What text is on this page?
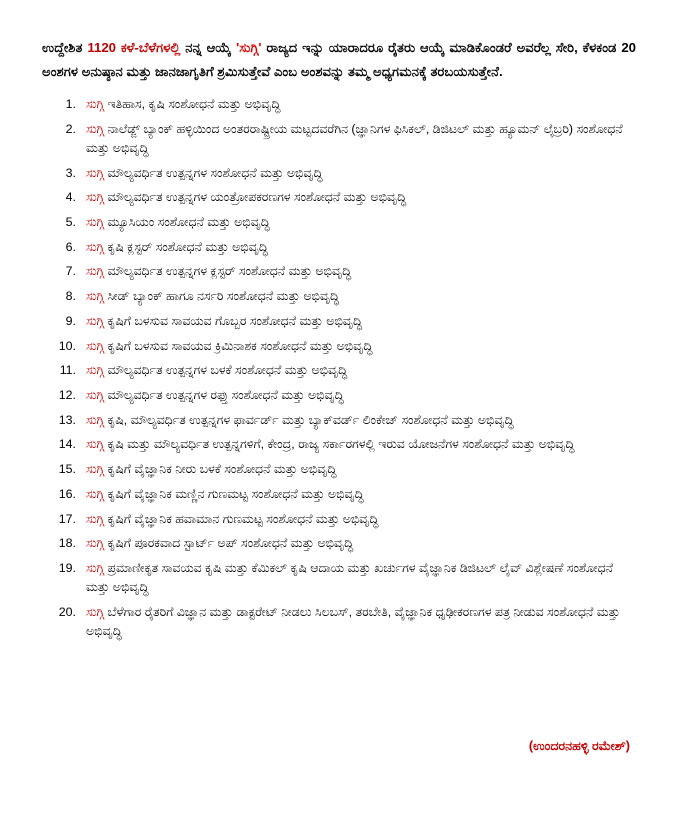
ಉದ್ದೇಶಿತ 1120 ಕಳೆ-ಬೆಳೆಗಳಲ್ಲಿ ನನ್ನ ಆಯ್ಕೆ 'ಸುಗ್ಗಿ' ರಾಜ್ಯದ ಇನ್ನು ಯಾರಾದರೂ ರೈತರು ಆಯ್ಕೆ ಮಾಡಿಕೊಂಡರೆ ಅವರೆಲ್ಲ ಸೇರಿ, ಕೆಳಕಂಡ 20 ಅಂಶಗಳ ಅನುಷ್ಠಾನ ಮತ್ತು ಜಾನಜಾಗೃತಿಗೆ ಶ್ರಮಿಸುತ್ತೇವೆ ಎಂಬ ಅಂಶವನ್ನು ತಮ್ಮ ಅಧ್ಯಗಮನಕ್ಕೆ ತರಬಯಸುತ್ತೇನೆ.

1. ಸುಗ್ಗಿ ಇತಿಹಾಸ, ಕೃಷಿ ಸಂಶೋಧನೆ ಮತ್ತು ಅಭಿವೃದ್ಧಿ
2. ಸುಗ್ಗಿ ನಾಲೆಡ್ಜ್ ಬ್ಯಾಂಕ್ ಹಳ್ಳಿಯಿಂದ ಅಂತರರಾಷ್ಟ್ರೀಯ ಮಟ್ಟದವರೆಗಿನ (ಜ್ಞಾನಿಗಳ ಫಿಸಿಕಲ್, ಡಿಜಿಟಲ್ ಮತ್ತು ಹ್ಯೂಮನ್ ಲೈಬ್ರರಿ) ಸಂಶೋಧನೆ ಮತ್ತು ಅಭಿವೃದ್ಧಿ
3. ಸುಗ್ಗಿ ಮೌಲ್ಯವರ್ಧಿತ ಉತ್ಪನ್ನಗಳ ಸಂಶೋಧನೆ ಮತ್ತು ಅಭಿವೃದ್ಧಿ
4. ಸುಗ್ಗಿ ಮೌಲ್ಯವರ್ಧಿತ ಉತ್ಪನ್ನಗಳ ಯಂತ್ರೋಪಕರಣಗಳ ಸಂಶೋಧನೆ ಮತ್ತು ಅಭಿವೃದ್ಧಿ
5. ಸುಗ್ಗಿ ಮ್ಯೂಸಿಯಂ ಸಂಶೋಧನೆ ಮತ್ತು ಅಭಿವೃದ್ಧಿ
6. ಸುಗ್ಗಿ ಕೃಷಿ ಕ್ಲಸ್ಟರ್ ಸಂಶೋಧನೆ ಮತ್ತು ಅಭಿವೃದ್ಧಿ
7. ಸುಗ್ಗಿ ಮೌಲ್ಯವರ್ಧಿತ ಉತ್ಪನ್ನಗಳ ಕ್ಲಸ್ಟರ್ ಸಂಶೋಧನೆ ಮತ್ತು ಅಭಿವೃದ್ಧಿ
8. ಸುಗ್ಗಿ ಸೀಡ್ ಬ್ಯಾಂಕ್ ಹಾಗೂ ನರ್ಸರಿ ಸಂಶೋಧನೆ ಮತ್ತು ಅಭಿವೃದ್ಧಿ
9. ಸುಗ್ಗಿ ಕೃಷಿಗೆ ಬಳಸುವ ಸಾವಯವ ಗೊಬ್ಬರ ಸಂಶೋಧನೆ ಮತ್ತು ಅಭಿವೃದ್ಧಿ
10. ಸುಗ್ಗಿ ಕೃಷಿಗೆ ಬಳಸುವ ಸಾವಯವ ಕ್ರಿಮಿನಾಶಕ ಸಂಶೋಧನೆ ಮತ್ತು ಅಭಿವೃದ್ಧಿ
11. ಸುಗ್ಗಿ ಮೌಲ್ಯವರ್ಧಿತ ಉತ್ಪನ್ನಗಳ ಬಳಕೆ ಸಂಶೋಧನೆ ಮತ್ತು ಅಭಿವೃದ್ಧಿ
12. ಸುಗ್ಗಿ ಮೌಲ್ಯವರ್ಧಿತ ಉತ್ಪನ್ನಗಳ ರಫ್ತು ಸಂಶೋಧನೆ ಮತ್ತು ಅಭಿವೃದ್ಧಿ
13. ಸುಗ್ಗಿ ಕೃಷಿ, ಮೌಲ್ಯವರ್ಧಿತ ಉತ್ಪನ್ನಗಳ ಫಾರ್ವರ್ಡ್ ಮತ್ತು ಬ್ಯಾಕ್‌ವರ್ಡ್ ಲಿಂಕೇಜ್ ಸಂಶೋಧನೆ ಮತ್ತು ಅಭಿವೃದ್ಧಿ
14. ಸುಗ್ಗಿ ಕೃಷಿ ಮತ್ತು ಮೌಲ್ಯವರ್ಧಿತ ಉತ್ಪನ್ನಗಳಿಗೆ, ಕೇಂದ್ರ, ರಾಜ್ಯ ಸರ್ಕಾರಗಳಲ್ಲಿ ಇರುವ ಯೋಜನೆಗಳ ಸಂಶೋಧನೆ ಮತ್ತು ಅಭಿವೃದ್ಧಿ
15. ಸುಗ್ಗಿ ಕೃಷಿಗೆ ವೈಜ್ಞಾನಿಕ ನೀರು ಬಳಕೆ ಸಂಶೋಧನೆ ಮತ್ತು ಅಭಿವೃದ್ಧಿ
16. ಸುಗ್ಗಿ ಕೃಷಿಗೆ ವೈಜ್ಞಾನಿಕ ಮಣ್ಣಿನ ಗುಣಮಟ್ಟ ಸಂಶೋಧನೆ ಮತ್ತು ಅಭಿವೃದ್ಧಿ
17. ಸುಗ್ಗಿ ಕೃಷಿಗೆ ವೈಜ್ಞಾನಿಕ ಹವಾಮಾನ ಗುಣಮಟ್ಟ ಸಂಶೋಧನೆ ಮತ್ತು ಅಭಿವೃದ್ಧಿ
18. ಸುಗ್ಗಿ ಕೃಷಿಗೆ ಪೂರಕವಾದ ಸ್ಟಾರ್ಟ್ ಅಪ್ ಸಂಶೋಧನೆ ಮತ್ತು ಅಭಿವೃದ್ಧಿ
19. ಸುಗ್ಗಿ ಪ್ರಮಾಣೀಕೃತ ಸಾವಯವ ಕೃಷಿ ಮತ್ತು ಕೆಮಿಕಲ್ ಕೃಷಿ ಆದಾಯ ಮತ್ತು ಖರ್ಚುಗಳ ವೈಜ್ಞಾನಿಕ ಡಿಜಿಟಲ್ ಲೈವ್ ವಿಶ್ಲೇಷಣೆ ಸಂಶೋಧನೆ ಮತ್ತು ಅಭಿವೃದ್ಧಿ
20. ಸುಗ್ಗಿ ಬೆಳೆಗಾರ ರೈತರಿಗೆ ವಿಜ್ಞಾನ ಮತ್ತು ಡಾಕ್ಟರೇಟ್ ನೀಡಲು ಸಿಲಬಸ್, ತರಬೇತಿ, ವೈಜ್ಞಾನಿಕ ಧೃಢೀಕರಣಗಳ ಪತ್ರ ನೀಡುವ ಸಂಶೋಧನೆ ಮತ್ತು ಅಭಿವೃದ್ಧಿ
(ಉಂದರನಹಳ್ಳಿ ರಮೇಶ್)
